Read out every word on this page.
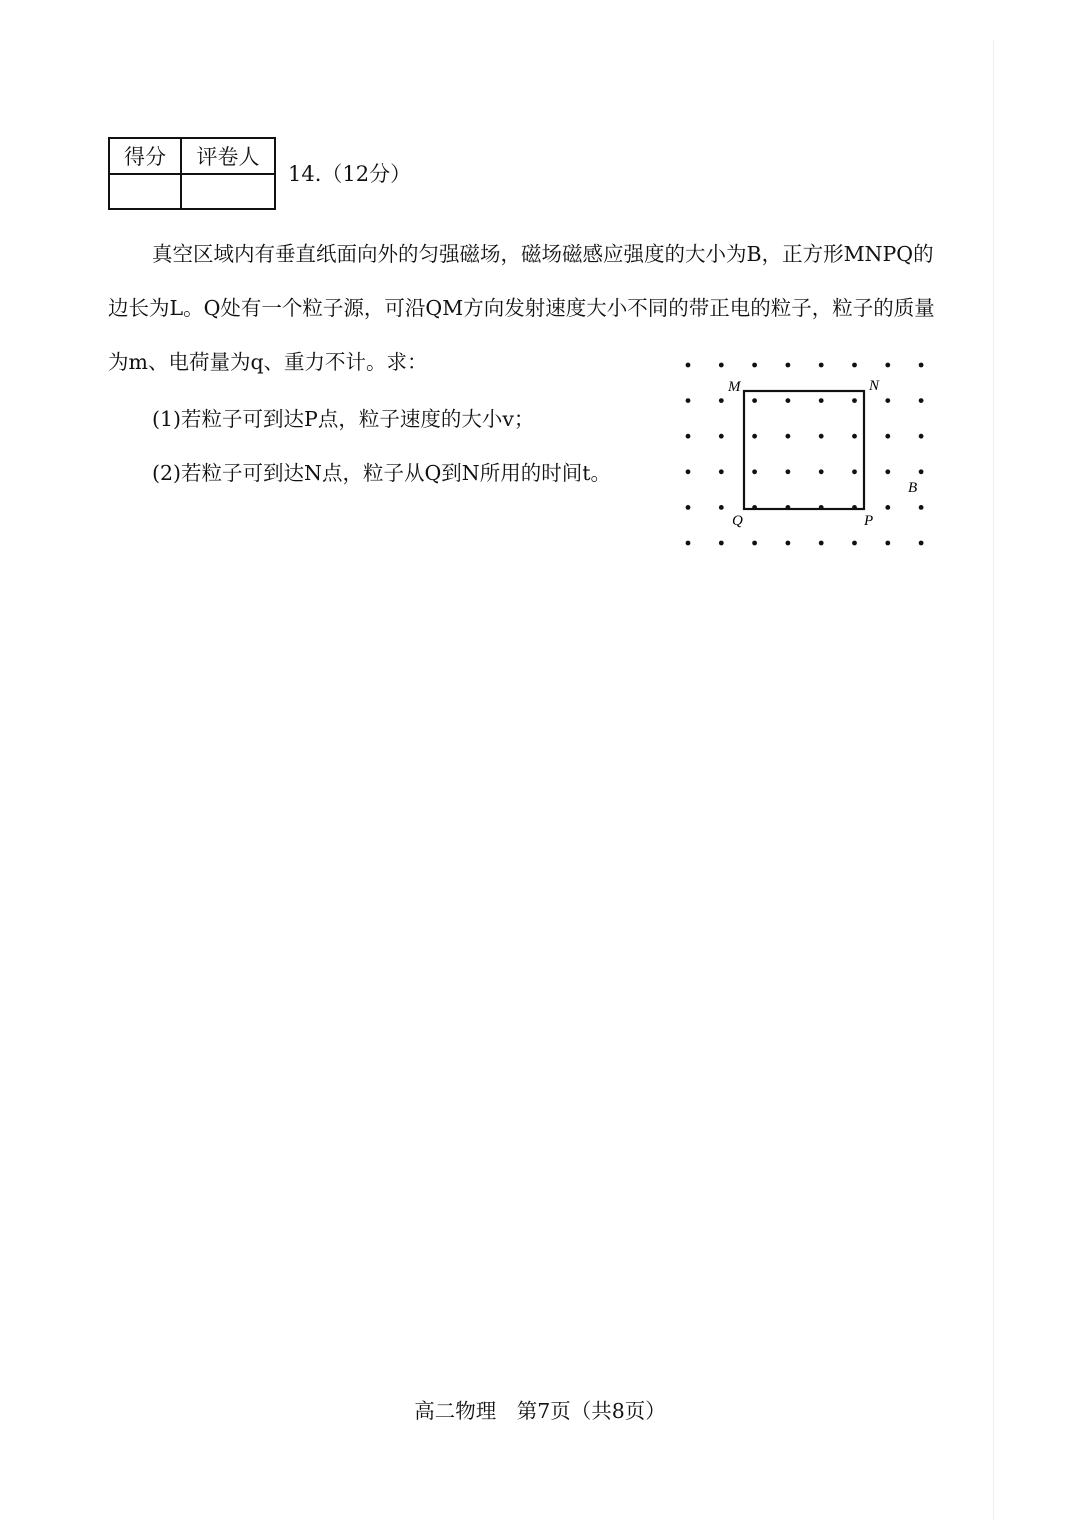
得分	评卷人

14.（12分）
真空区域内有垂直纸面向外的匀强磁场，磁场磁感应强度的大小为B，正方形MNPQ的
边长为L。Q处有一个粒子源，可沿QM方向发射速度大小不同的带正电的粒子，粒子的质量
为m、电荷量为q、重力不计。求：
(1)若粒子可到达P点，粒子速度的大小v；
(2)若粒子可到达N点，粒子从Q到N所用的时间t。
M	N
Q	P
B
高二物理　第7页（共8页）
